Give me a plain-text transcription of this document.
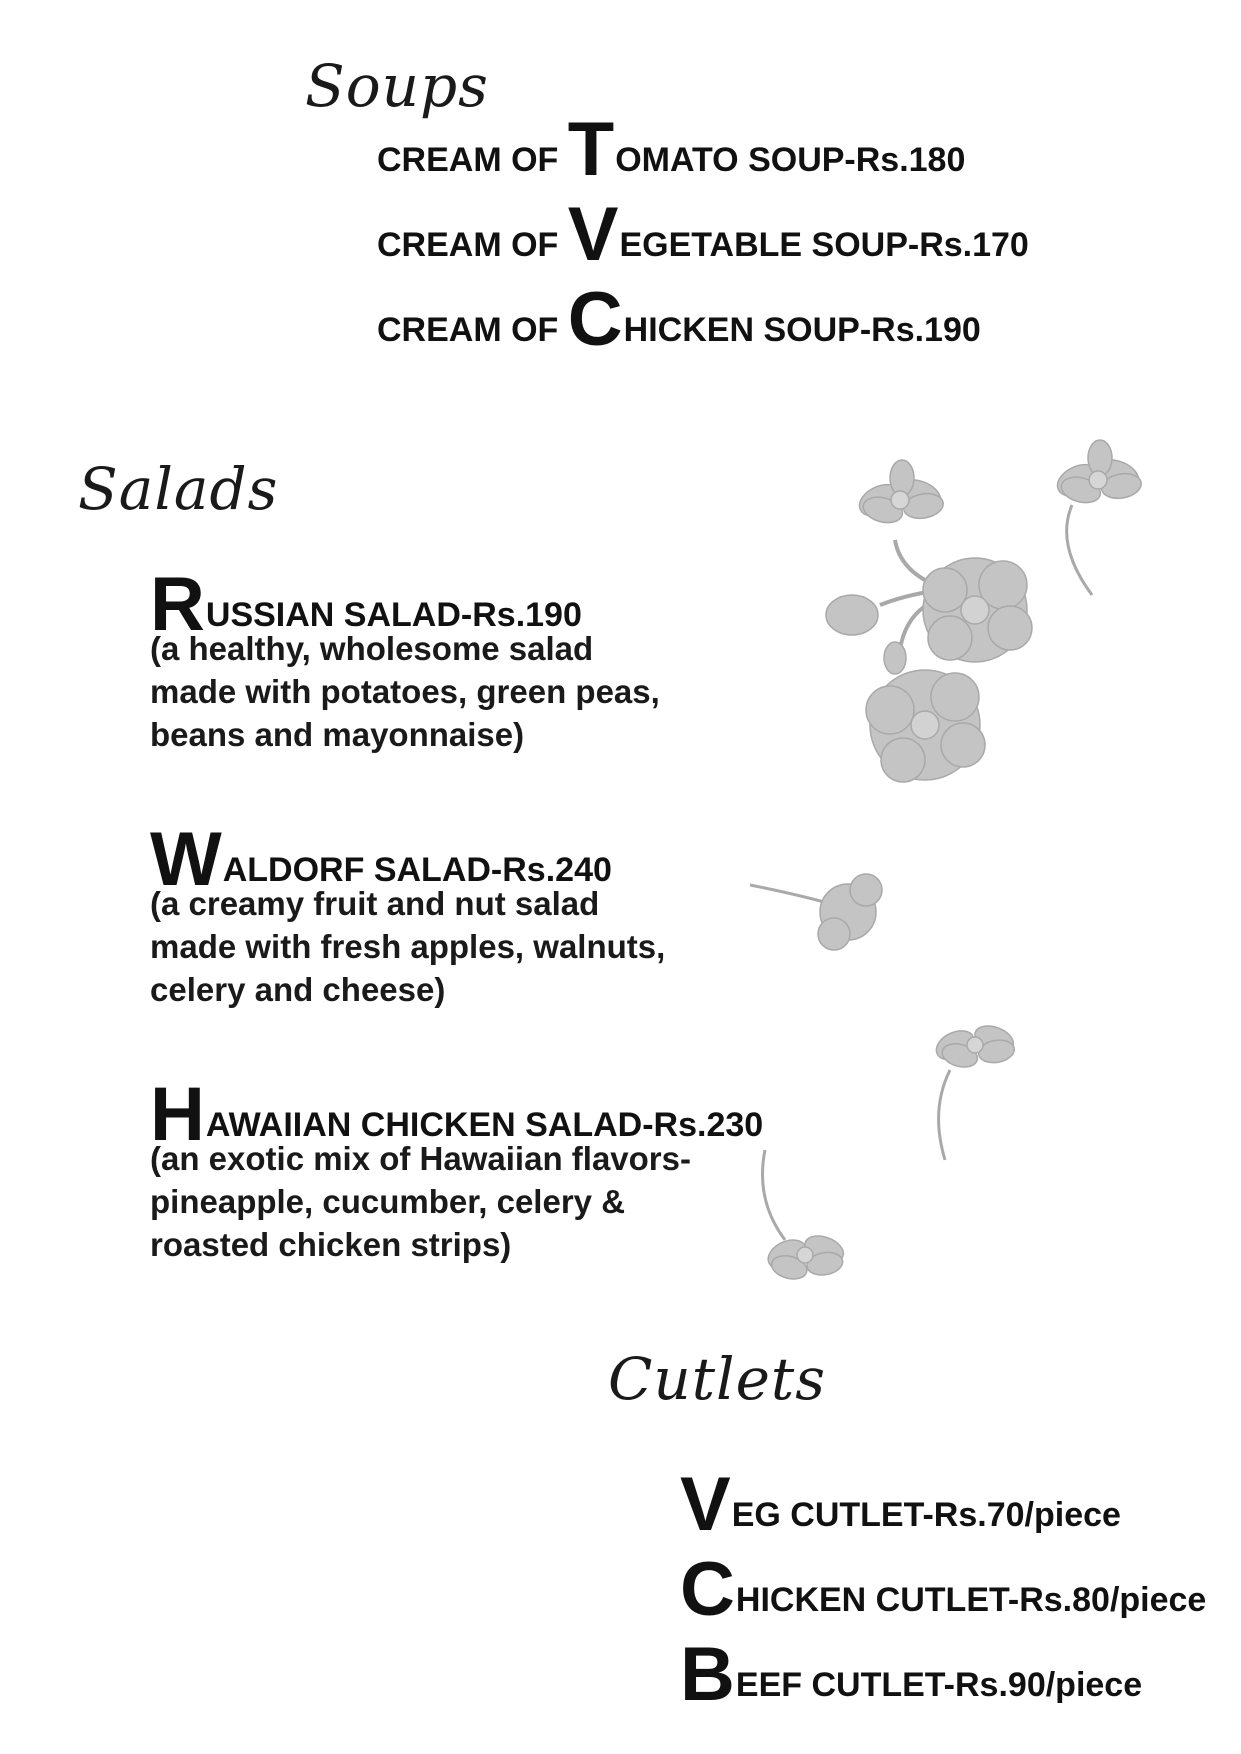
Soups

CREAM OF TOMATO SOUP-Rs.180

CREAM OF VEGETABLE SOUP-Rs.170

CREAM OF CHICKEN SOUP-Rs.190

Salads

RUSSIAN SALAD-Rs.190

(a healthy, wholesome salad
made with potatoes, green peas,
beans and mayonnaise)

WALDORF SALAD-Rs.240

(a creamy fruit and nut salad
made with fresh apples, walnuts,
celery and cheese)

HAWAIIAN CHICKEN SALAD-Rs.230

(an exotic mix of Hawaiian flavors-
pineapple, cucumber, celery &
roasted chicken strips)
Cutlets

VEG CUTLET-Rs.70/piece

CHICKEN CUTLET-Rs.80/piece

BEEF CUTLET-Rs.90/piece
